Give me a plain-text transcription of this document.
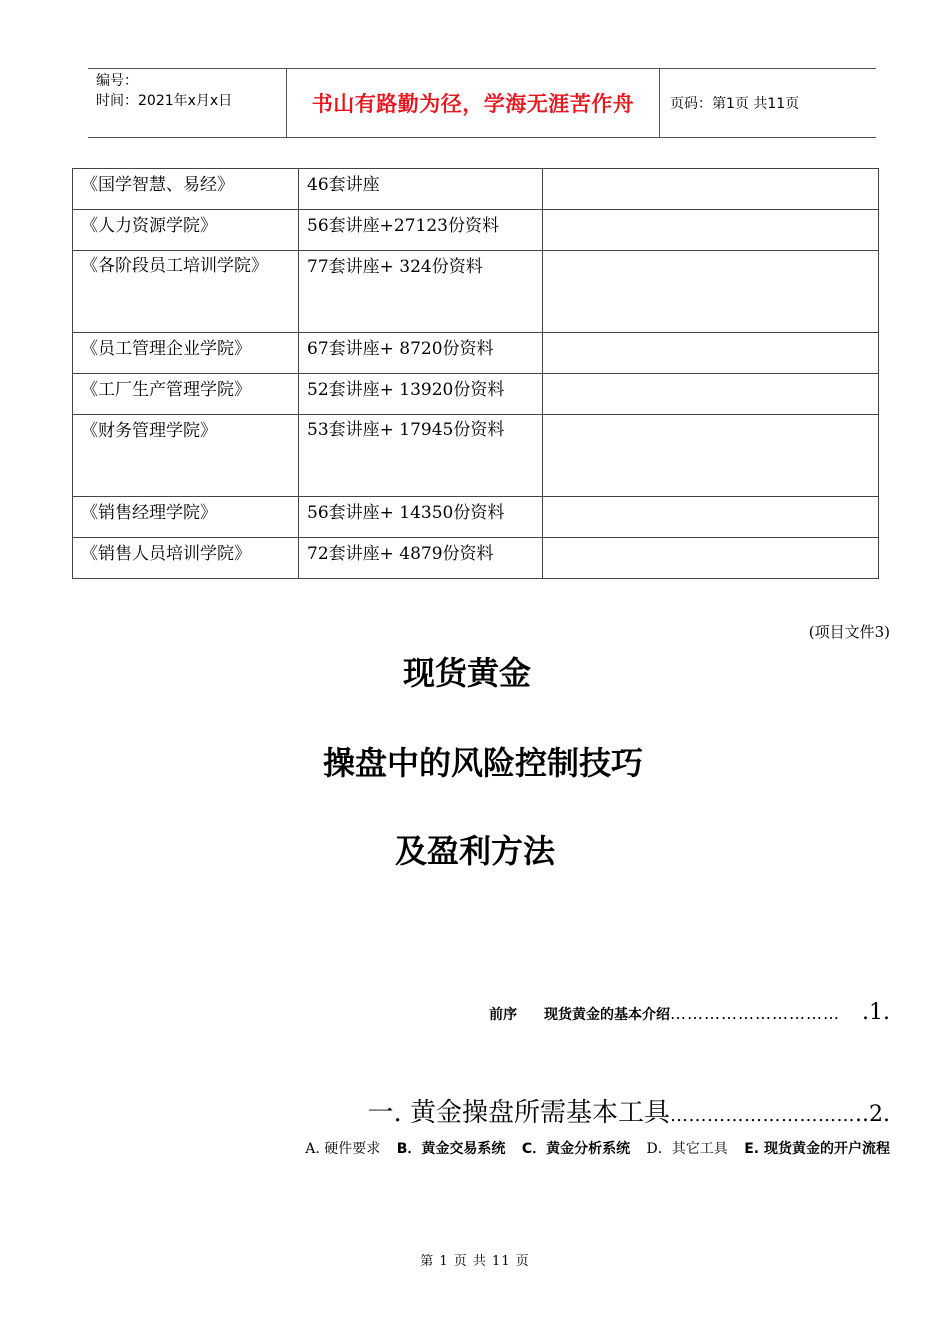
编号：
时间：2021年x月x日	书山有路勤为径，学海无涯苦作舟	页码：第1页 共11页
《国学智慧、易经》	46套讲座	
《人力资源学院》	56套讲座+27123份资料	

《各阶段员工培训学院》	77套讲座+ 324份资料	
《员工管理企业学院》	67套讲座+ 8720份资料	
《工厂生产管理学院》	52套讲座+ 13920份资料	
《财务管理学院》	53套讲座+ 17945份资料	

《销售经理学院》	56套讲座+ 14350份资料	
《销售人员培训学院》	72套讲座+ 4879份资料	
(项目文件3)
现货黄金
操盘中的风险控制技巧
及盈利方法
前序 现货黄金的基本介绍………………………… .1.
一. 黄金操盘所需基本工具…………………………..2.
A. 硬件要求 B．黄金交易系统 C．黄金分析系统 D．其它工具 E. 现货黄金的开户流程
第 1 页 共 11 页
